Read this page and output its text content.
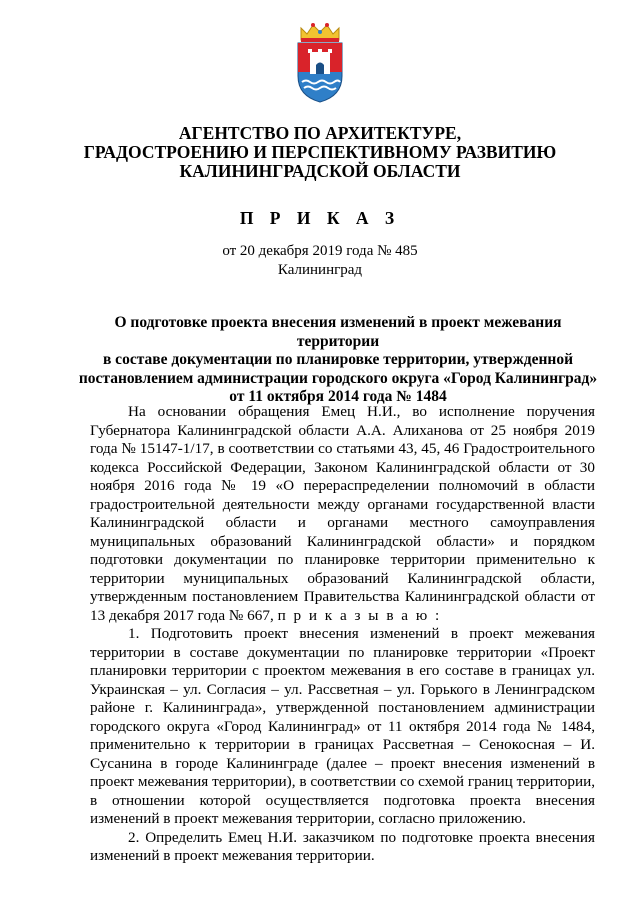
АГЕНТСТВО ПО АРХИТЕКТУРЕ,
ГРАДОСТРОЕНИЮ И ПЕРСПЕКТИВНОМУ РАЗВИТИЮ
КАЛИНИНГРАДСКОЙ ОБЛАСТИ
П Р И К А З
от 20 декабря 2019 года № 485
Калининград
О подготовке проекта внесения изменений в проект межевания территории
в составе документации по планировке территории, утвержденной
постановлением администрации городского округа «Город Калининград»
от 11 октября 2014 года № 1484

На основании обращения Емец Н.И., во исполнение поручения Губернатора Калининградской области А.А. Алиханова от 25 ноября 2019 года № 15147-1/17, в соответствии со статьями 43, 45, 46 Градостроительного кодекса Российской Федерации, Законом Калининградской области от 30 ноября 2016 года № 19 «О перераспределении полномочий в области градостроительной деятельности между органами государственной власти Калининградской области и органами местного самоуправления муниципальных образований Калининградской области» и порядком подготовки документации по планировке территории применительно к территории муниципальных образований Калининградской области, утвержденным постановлением Правительства Калининградской области от 13 декабря 2017 года № 667, п р и к а з ы в а ю :

1. Подготовить проект внесения изменений в проект межевания территории в составе документации по планировке территории «Проект планировки территории с проектом межевания в его составе в границах ул. Украинская – ул. Согласия – ул. Рассветная – ул. Горького в Ленинградском районе г. Калининграда», утвержденной постановлением администрации городского округа «Город Калининград» от 11 октября 2014 года № 1484, применительно к территории в границах Рассветная – Сенокосная – И. Сусанина в городе Калининграде (далее – проект внесения изменений в проект межевания территории), в соответствии со схемой границ территории, в отношении которой осуществляется подготовка проекта внесения изменений в проект межевания территории, согласно приложению.

2. Определить Емец Н.И. заказчиком по подготовке проекта внесения изменений в проект межевания территории.
